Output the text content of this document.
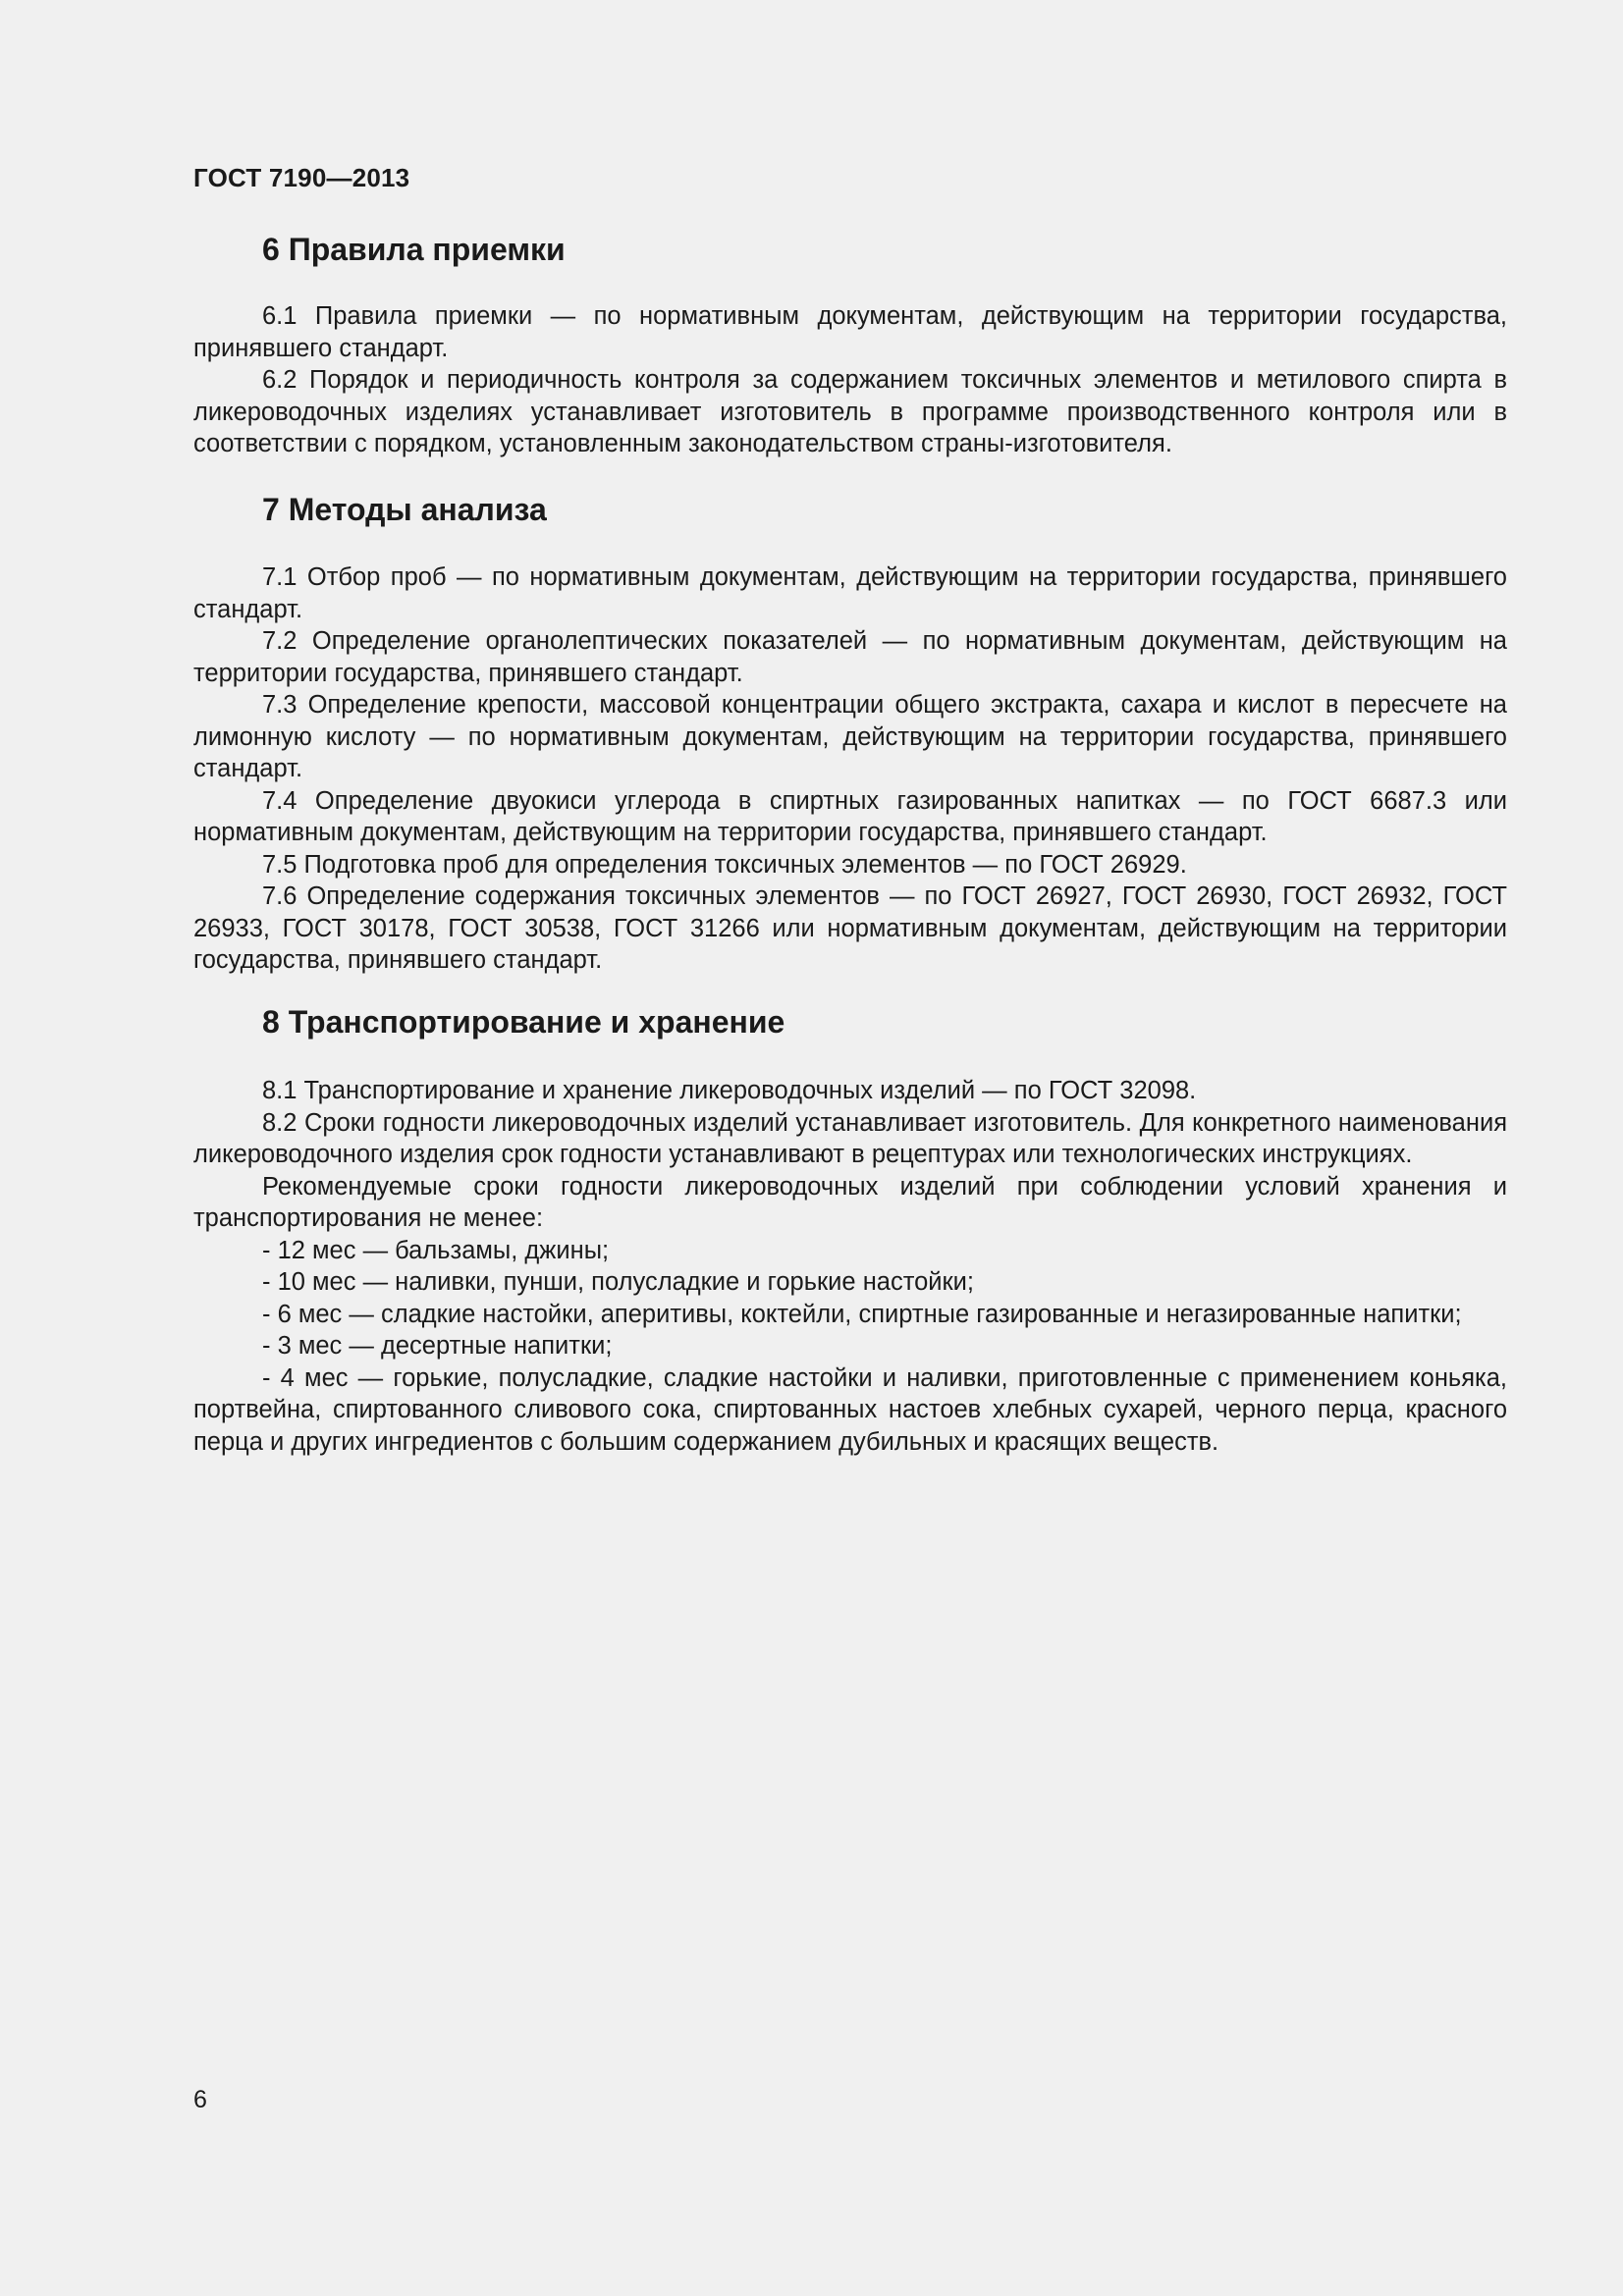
ГОСТ 7190—2013
6 Правила приемки

6.1 Правила приемки — по нормативным документам, действующим на территории государства, принявшего стандарт.

6.2 Порядок и периодичность контроля за содержанием токсичных элементов и метилового спирта в ликероводочных изделиях устанавливает изготовитель в программе производственного контроля или в соответствии с порядком, установленным законодательством страны-изготовителя.

7 Методы анализа

7.1 Отбор проб — по нормативным документам, действующим на территории государства, принявшего стандарт.

7.2 Определение органолептических показателей — по нормативным документам, действующим на территории государства, принявшего стандарт.

7.3 Определение крепости, массовой концентрации общего экстракта, сахара и кислот в пересчете на лимонную кислоту — по нормативным документам, действующим на территории государства, принявшего стандарт.

7.4 Определение двуокиси углерода в спиртных газированных напитках — по ГОСТ 6687.3 или нормативным документам, действующим на территории государства, принявшего стандарт.

7.5 Подготовка проб для определения токсичных элементов — по ГОСТ 26929.

7.6 Определение содержания токсичных элементов — по ГОСТ 26927, ГОСТ 26930, ГОСТ 26932, ГОСТ 26933, ГОСТ 30178, ГОСТ 30538, ГОСТ 31266 или нормативным документам, действующим на территории государства, принявшего стандарт.

8 Транспортирование и хранение

8.1 Транспортирование и хранение ликероводочных изделий — по ГОСТ 32098.

8.2 Сроки годности ликероводочных изделий устанавливает изготовитель. Для конкретного наименования ликероводочного изделия срок годности устанавливают в рецептурах или технологических инструкциях.

Рекомендуемые сроки годности ликероводочных изделий при соблюдении условий хранения и транспортирования не менее:

- 12 мес — бальзамы, джины;

- 10 мес — наливки, пунши, полусладкие и горькие настойки;

- 6 мес — сладкие настойки, аперитивы, коктейли, спиртные газированные и негазированные напитки;

- 3 мес — десертные напитки;

- 4 мес — горькие, полусладкие, сладкие настойки и наливки, приготовленные с применением коньяка, портвейна, спиртованного сливового сока, спиртованных настоев хлебных сухарей, черного перца, красного перца и других ингредиентов с большим содержанием дубильных и красящих веществ.

6
